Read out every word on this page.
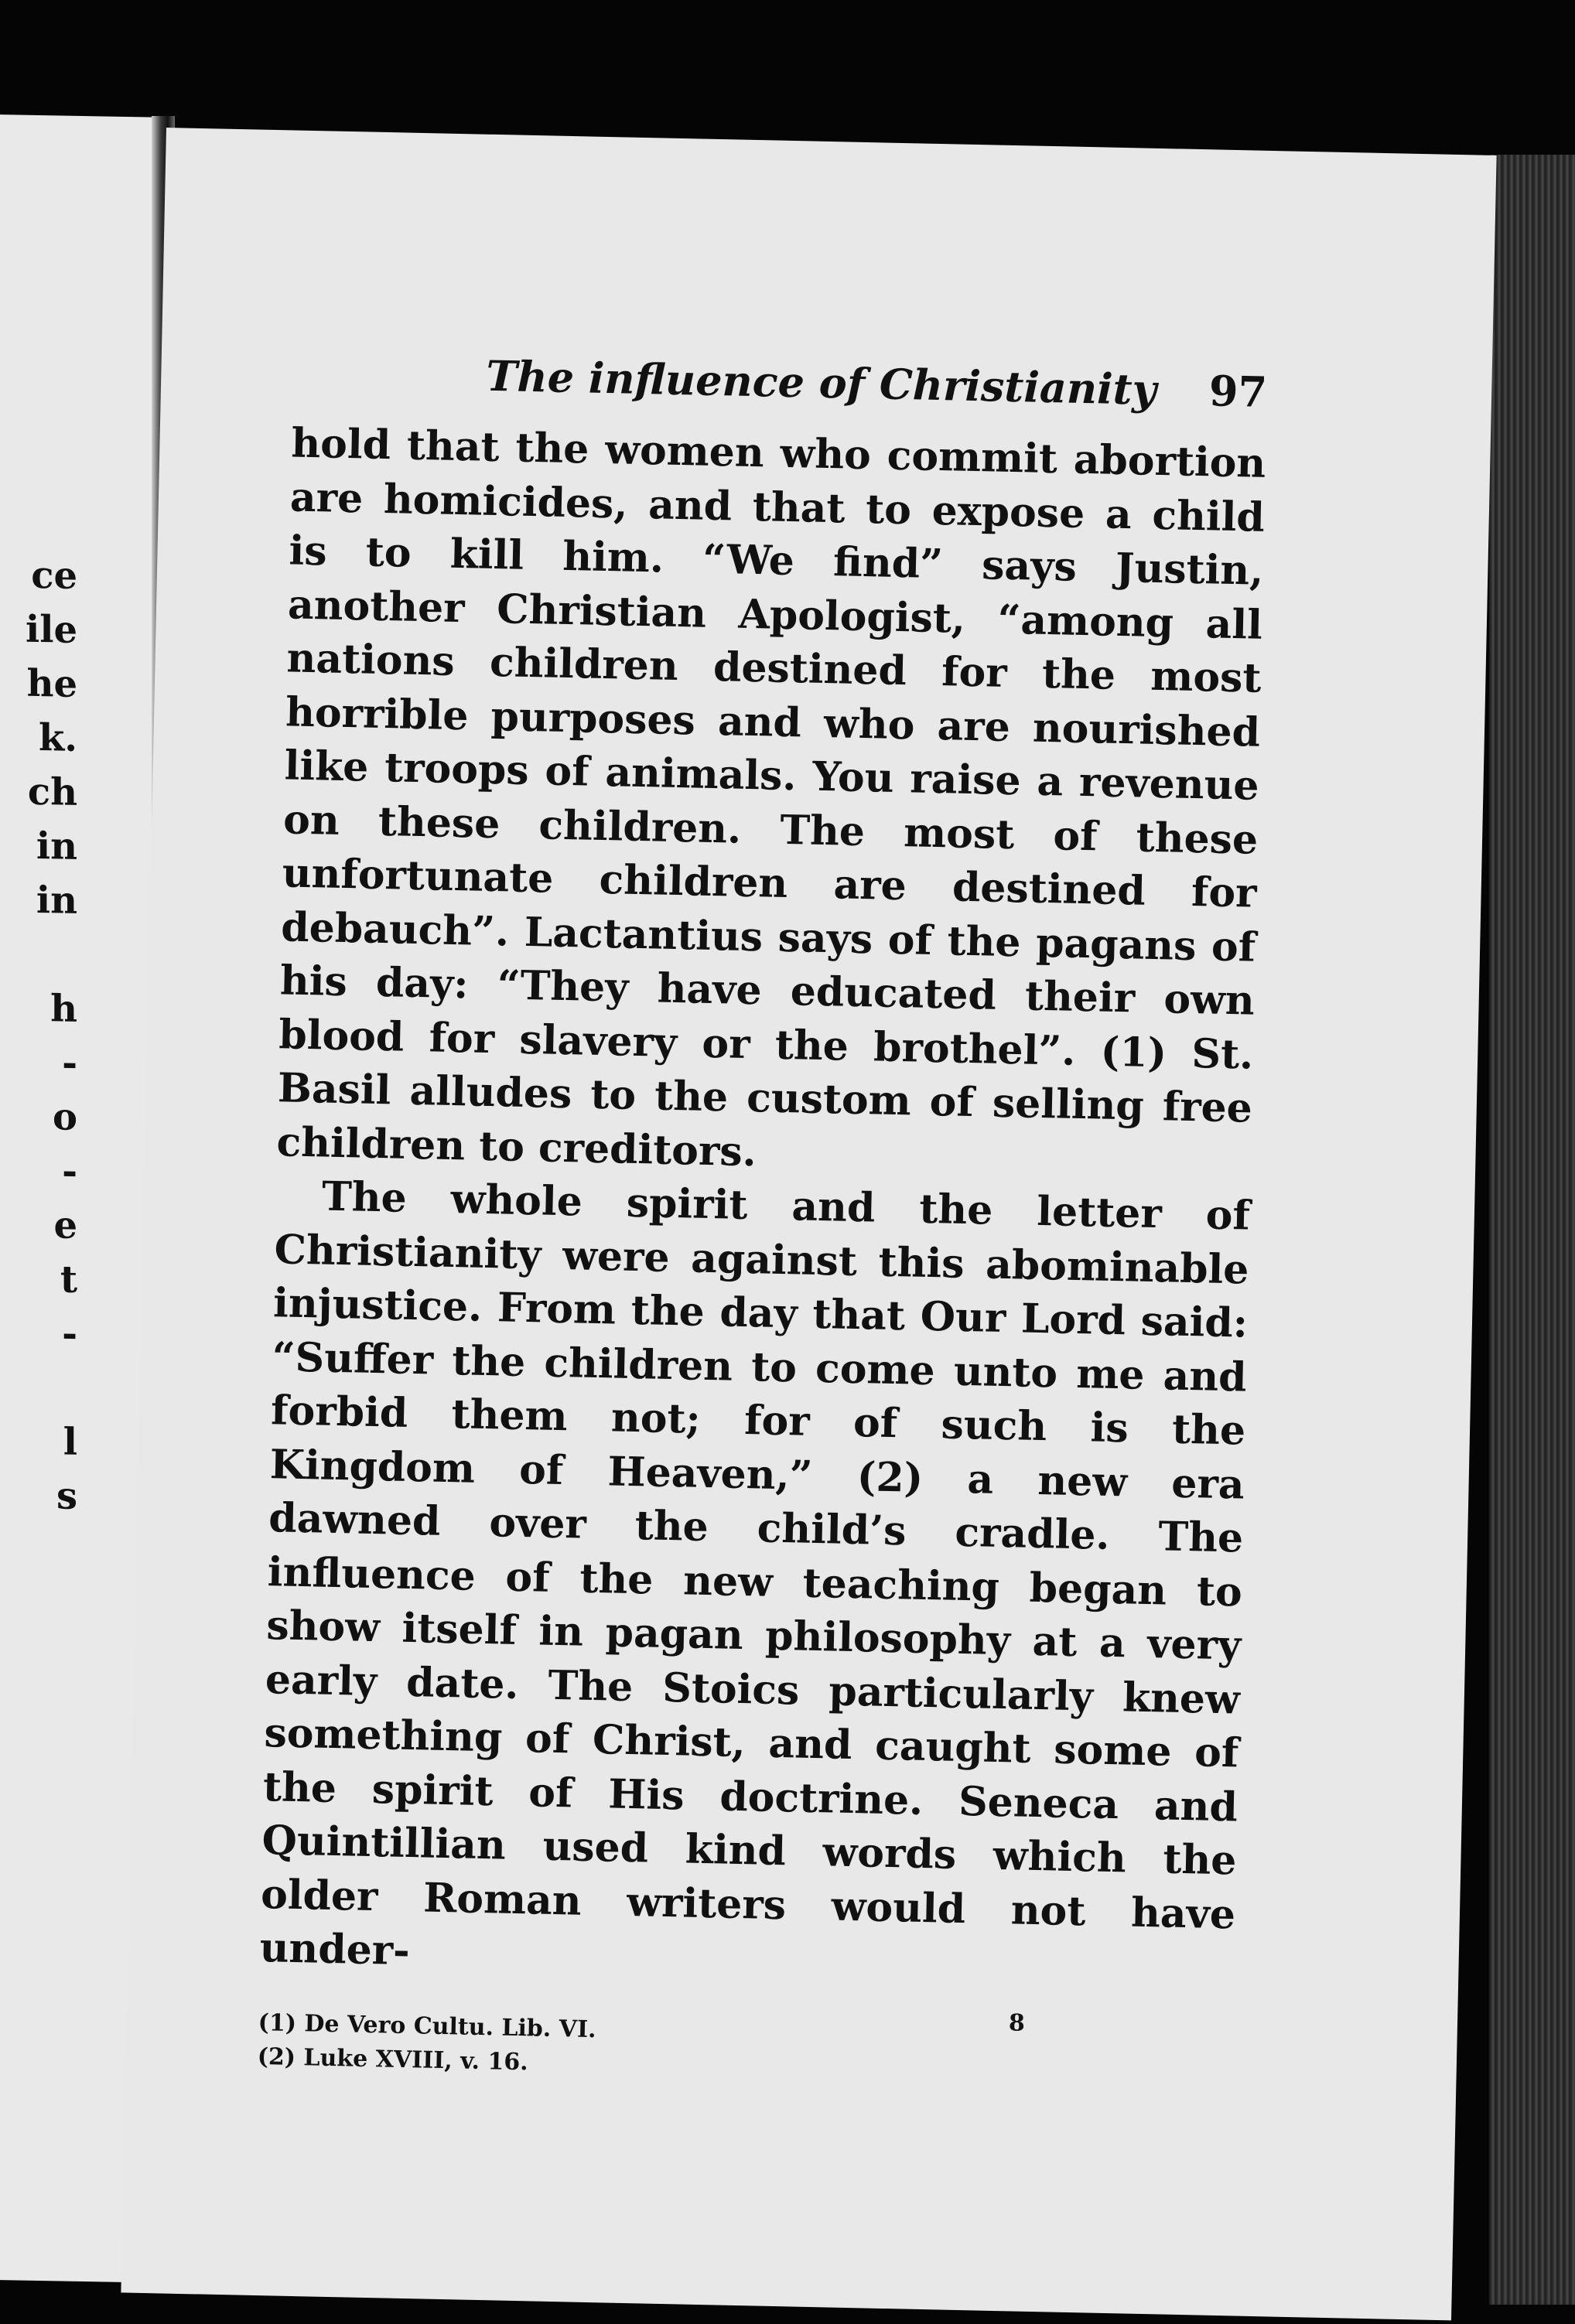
ce
ile
he
k.
ch
in
in
h
-
o
-
e
t
-
l
s
The influence of Christianity 97

hold that the women who commit abortion are homicides, and that to expose a child is to kill him. “We find” says Justin, another Christian Apologist, “among all nations children destined for the most horrible purposes and who are nourished like troops of animals. You raise a revenue on these children. The most of these unfortunate children are destined for debauch”. Lactantius says of the pagans of his day: “They have educated their own blood for slavery or the brothel”. (1) St. Basil alludes to the custom of selling free children to creditors.

The whole spirit and the letter of Christianity were against this abominable injustice. From the day that Our Lord said: “Suffer the children to come unto me and forbid them not; for of such is the Kingdom of Heaven,” (2) a new era dawned over the child’s cradle. The influence of the new teaching began to show itself in pagan philosophy at a very early date. The Stoics particularly knew something of Christ, and caught some of the spirit of His doctrine. Seneca and Quintillian used kind words which the older Roman writers would not have under-

(1) De Vero Cultu. Lib. VI.
(2) Luke XVIII, v. 16.
8
